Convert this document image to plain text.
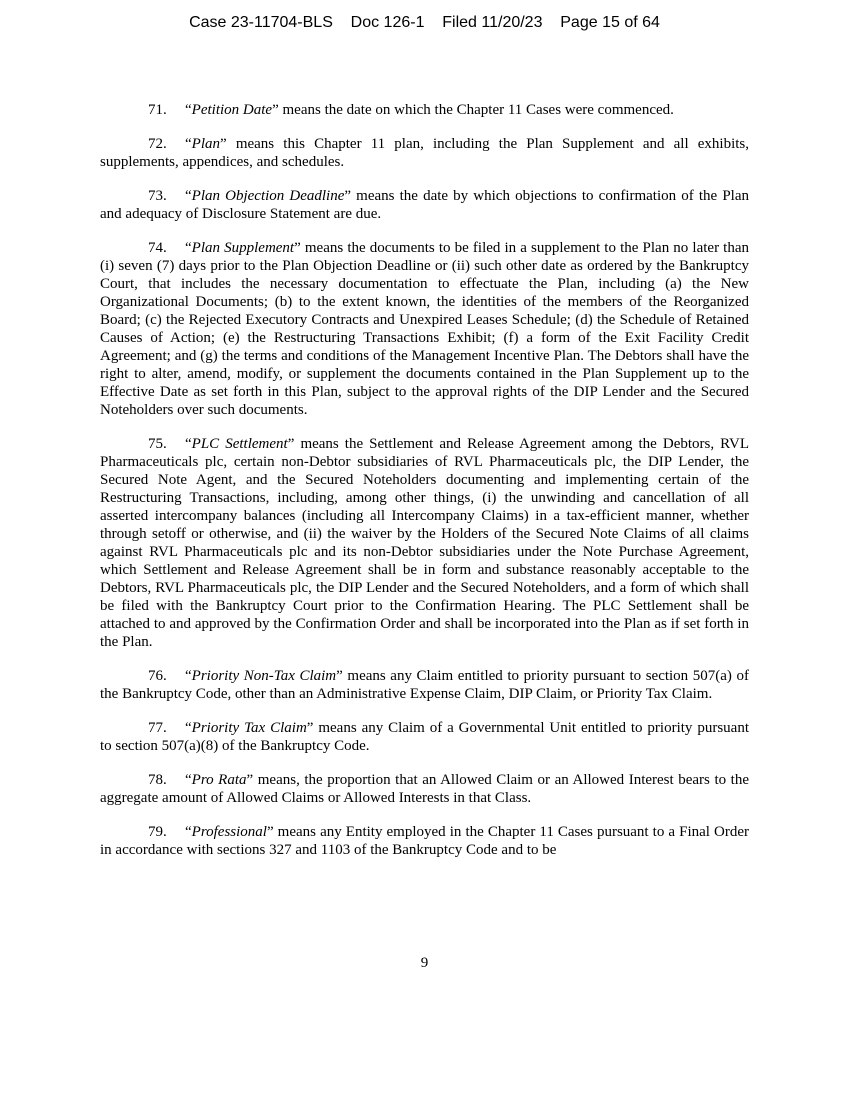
Case 23-11704-BLS    Doc 126-1    Filed 11/20/23    Page 15 of 64

71. “Petition Date” means the date on which the Chapter 11 Cases were commenced.

72. “Plan” means this Chapter 11 plan, including the Plan Supplement and all exhibits, supplements, appendices, and schedules.

73. “Plan Objection Deadline” means the date by which objections to confirmation of the Plan and adequacy of Disclosure Statement are due.

74. “Plan Supplement” means the documents to be filed in a supplement to the Plan no later than (i) seven (7) days prior to the Plan Objection Deadline or (ii) such other date as ordered by the Bankruptcy Court, that includes the necessary documentation to effectuate the Plan, including (a) the New Organizational Documents; (b) to the extent known, the identities of the members of the Reorganized Board; (c) the Rejected Executory Contracts and Unexpired Leases Schedule; (d) the Schedule of Retained Causes of Action; (e) the Restructuring Transactions Exhibit; (f) a form of the Exit Facility Credit Agreement; and (g) the terms and conditions of the Management Incentive Plan. The Debtors shall have the right to alter, amend, modify, or supplement the documents contained in the Plan Supplement up to the Effective Date as set forth in this Plan, subject to the approval rights of the DIP Lender and the Secured Noteholders over such documents.

75. “PLC Settlement” means the Settlement and Release Agreement among the Debtors, RVL Pharmaceuticals plc, certain non-Debtor subsidiaries of RVL Pharmaceuticals plc, the DIP Lender, the Secured Note Agent, and the Secured Noteholders documenting and implementing certain of the Restructuring Transactions, including, among other things, (i) the unwinding and cancellation of all asserted intercompany balances (including all Intercompany Claims) in a tax-efficient manner, whether through setoff or otherwise, and (ii) the waiver by the Holders of the Secured Note Claims of all claims against RVL Pharmaceuticals plc and its non-Debtor subsidiaries under the Note Purchase Agreement, which Settlement and Release Agreement shall be in form and substance reasonably acceptable to the Debtors, RVL Pharmaceuticals plc, the DIP Lender and the Secured Noteholders, and a form of which shall be filed with the Bankruptcy Court prior to the Confirmation Hearing. The PLC Settlement shall be attached to and approved by the Confirmation Order and shall be incorporated into the Plan as if set forth in the Plan.

76. “Priority Non-Tax Claim” means any Claim entitled to priority pursuant to section 507(a) of the Bankruptcy Code, other than an Administrative Expense Claim, DIP Claim, or Priority Tax Claim.

77. “Priority Tax Claim” means any Claim of a Governmental Unit entitled to priority pursuant to section 507(a)(8) of the Bankruptcy Code.

78. “Pro Rata” means, the proportion that an Allowed Claim or an Allowed Interest bears to the aggregate amount of Allowed Claims or Allowed Interests in that Class.

79. “Professional” means any Entity employed in the Chapter 11 Cases pursuant to a Final Order in accordance with sections 327 and 1103 of the Bankruptcy Code and to be

9
